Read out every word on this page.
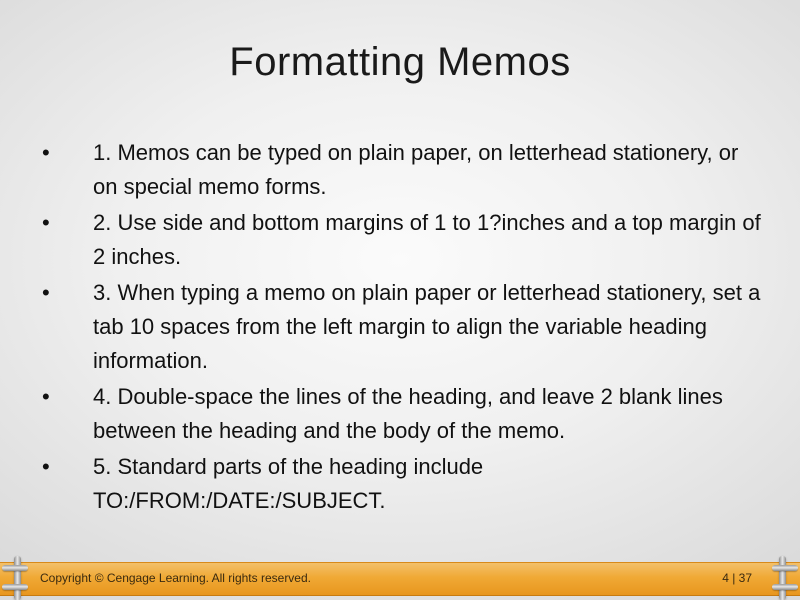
Formatting Memos
• 1. Memos can be typed on plain paper, on letterhead stationery, or on special memo forms.
• 2. Use side and bottom margins of 1 to 1?inches and a top margin of 2 inches.
• 3. When typing a memo on plain paper or letterhead stationery, set a tab 10 spaces from the left margin to align the variable heading information.
• 4. Double-space the lines of the heading, and leave 2 blank lines between the heading and the body of the memo.
• 5. Standard parts of the heading include TO:/FROM:/DATE:/SUBJECT.
Copyright © Cengage Learning. All rights reserved.	4 | 37
